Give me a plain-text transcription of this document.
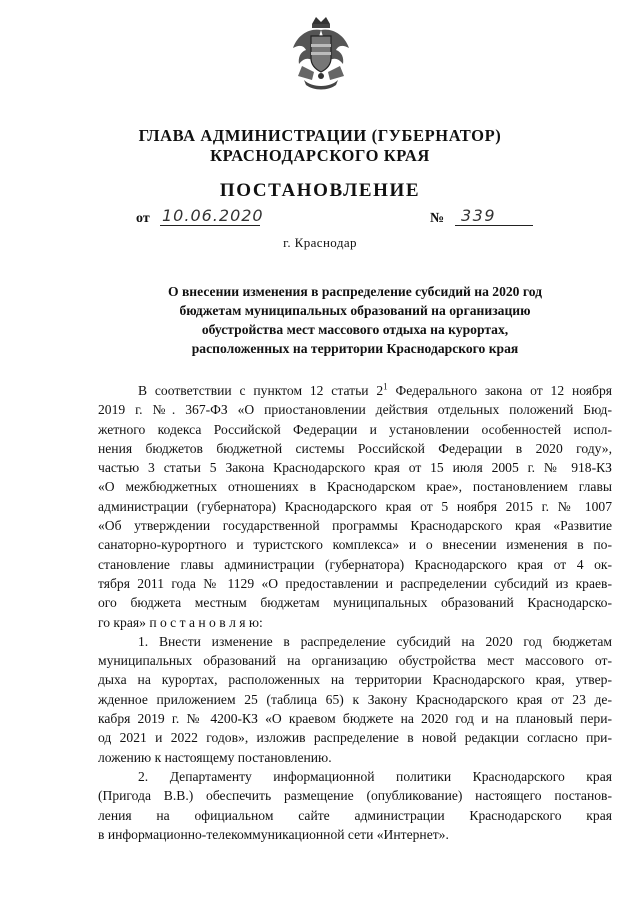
ГЛАВА АДМИНИСТРАЦИИ (ГУБЕРНАТОР)
КРАСНОДАРСКОГО КРАЯ
ПОСТАНОВЛЕНИЕ
от 10.06.2020	№	339
г. Краснодар
О внесении изменения в распределение субсидий на 2020 год
бюджетам муниципальных образований на организацию
обустройства мест массового отдыха на курортах,
расположенных на территории Краснодарского края
В соответствии с пунктом 12 статьи $2^1$ Федерального закона от 12 ноября
2019 г. №. 367-ФЗ «О приостановлении действия отдельных положений Бюд-
жетного кодекса Российской Федерации и установлении особенностей испол-
нения бюджетов бюджетной системы Российской Федерации в 2020 году»,
частью 3 статьи 5 Закона Краснодарского края от 15 июля 2005 г. № 918-КЗ
«О межбюджетных отношениях в Краснодарском крае», постановлением главы
администрации (губернатора) Краснодарского края от 5 ноября 2015 г. № 1007
«Об утверждении государственной программы Краснодарского края «Развитие
санаторно-курортного и туристского комплекса» и о внесении изменения в по-
становление главы администрации (губернатора) Краснодарского края от 4 ок-
тября 2011 года № 1129 «О предоставлении и распределении субсидий из краев-
ого бюджета местным бюджетам муниципальных образований Краснодарско-
го края» п о с т а н о в л я ю:
1. Внести изменение в распределение субсидий на 2020 год бюджетам
муниципальных образований на организацию обустройства мест массового от-
дыха на курортах, расположенных на территории Краснодарского края, утвер-
жденное приложением 25 (таблица 65) к Закону Краснодарского края от 23 де-
кабря 2019 г. № 4200-КЗ «О краевом бюджете на 2020 год и на плановый пери-
од 2021 и 2022 годов», изложив распределение в новой редакции согласно при-
ложению к настоящему постановлению.
2. Департаменту информационной политики Краснодарского края
(Пригода В.В.) обеспечить размещение (опубликование) настоящего постанов-
ления на официальном сайте администрации Краснодарского края
в информационно-телекоммуникационной сети «Интернет».
